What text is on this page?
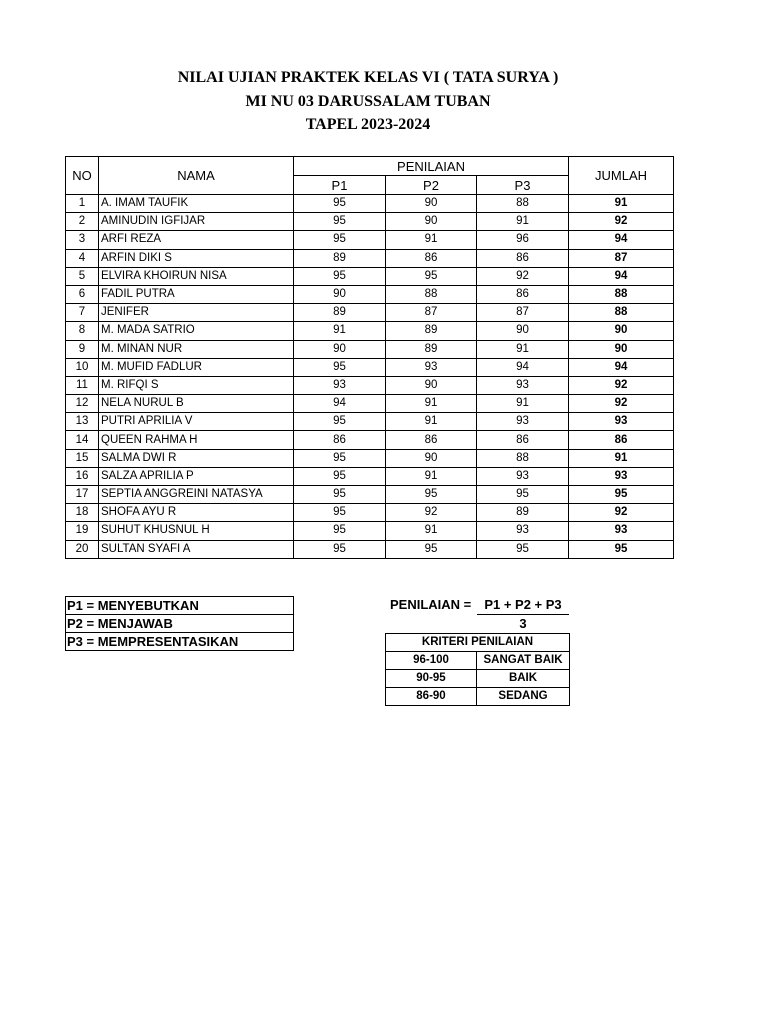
NILAI UJIAN PRAKTEK KELAS VI ( TATA SURYA )
MI NU 03 DARUSSALAM TUBAN
TAPEL 2023-2024
NO	NAMA	PENILAIAN			JUMLAH
		P1	P2	P3	
1	A. IMAM TAUFIK	95	90	88	91
2	AMINUDIN IGFIJAR	95	90	91	92
3	ARFI REZA	95	91	96	94
4	ARFIN DIKI S	89	86	86	87
5	ELVIRA KHOIRUN NISA	95	95	92	94
6	FADIL PUTRA	90	88	86	88
7	JENIFER	89	87	87	88
8	M. MADA SATRIO	91	89	90	90
9	M. MINAN NUR	90	89	91	90
10	M. MUFID FADLUR	95	93	94	94
11	M. RIFQI S	93	90	93	92
12	NELA NURUL B	94	91	91	92
13	PUTRI APRILIA V	95	91	93	93
14	QUEEN RAHMA H	86	86	86	86
15	SALMA DWI R	95	90	88	91
16	SALZA APRILIA P	95	91	93	93
17	SEPTIA ANGGREINI NATASYA	95	95	95	95
18	SHOFA AYU R	95	92	89	92
19	SUHUT KHUSNUL H	95	91	93	93
20	SULTAN SYAFI A	95	95	95	95
P1 = MENYEBUTKAN
P2 = MENJAWAB
P3 = MEMPRESENTASIKAN
PENILAIAN =	P1 + P2 + P3
3
KRITERI PENILAIAN	
96-100	SANGAT BAIK
90-95	BAIK
86-90	SEDANG
